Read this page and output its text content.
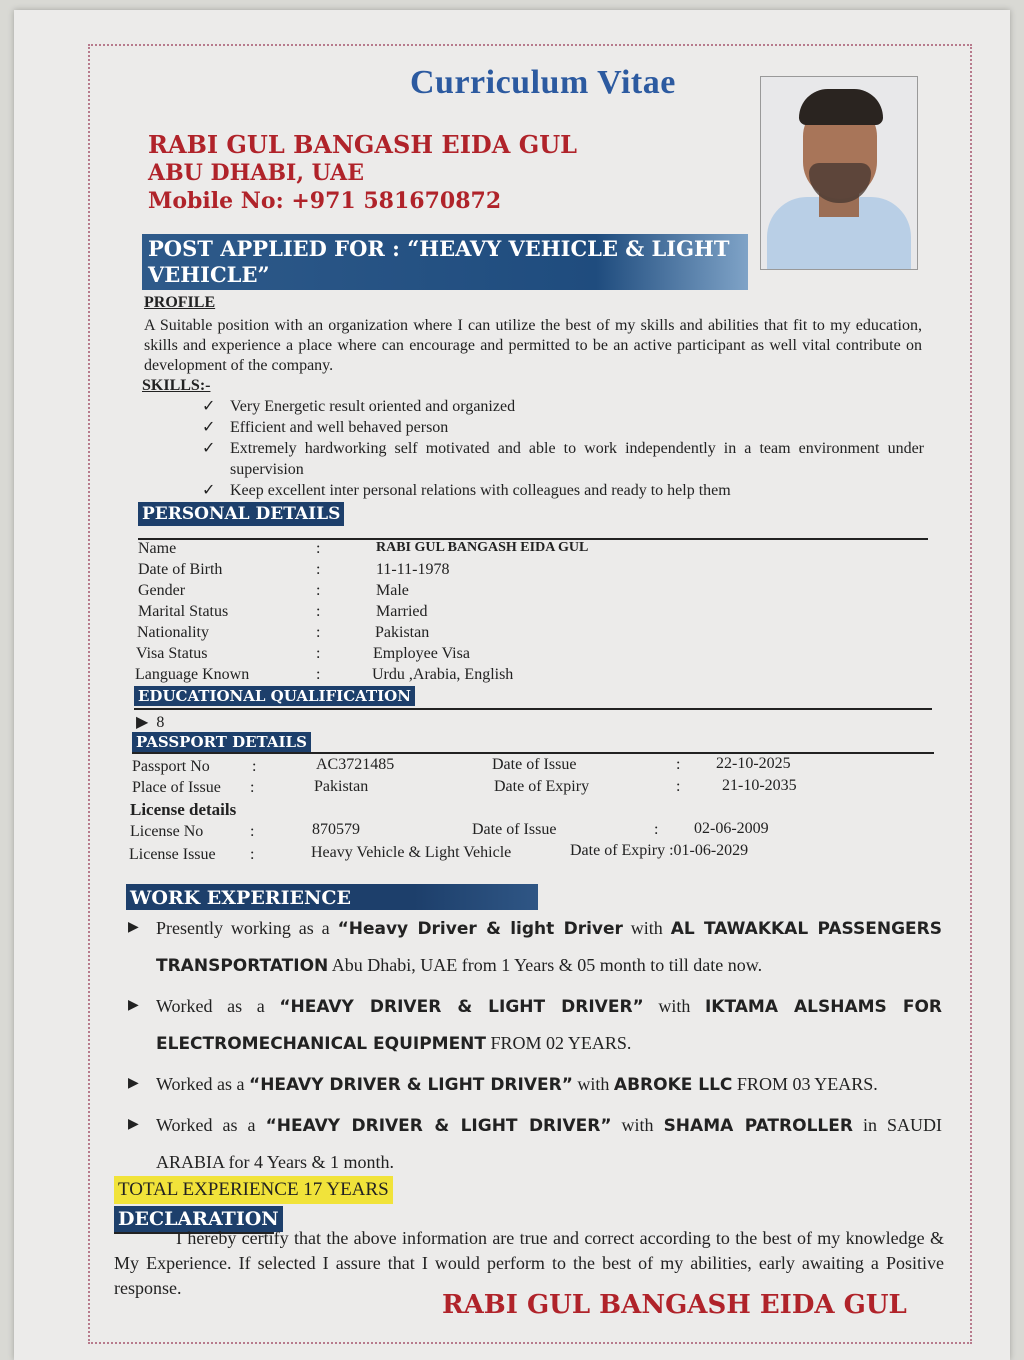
Curriculum Vitae
RABI GUL BANGASH EIDA GUL
ABU DHABI, UAE
Mobile No: +971 581670872
POST APPLIED FOR : “HEAVY VEHICLE & LIGHT VEHICLE”
PROFILE
A Suitable position with an organization where I can utilize the best of my skills and abilities that fit to my education, skills and experience a place where can encourage and permitted to be an active participant as well vital contribute on development of the company.
SKILLS:-
✓ Very Energetic result oriented and organized
✓ Efficient and well behaved person
✓ Extremely hardworking self motivated and able to work independently in a team environment under supervision
✓ Keep excellent inter personal relations with colleagues and ready to help them
PERSONAL DETAILS
Name	:	RABI GUL BANGASH EIDA GUL
Date of Birth	:	11-11-1978
Gender	:	Male
Marital Status	:	Married
Nationality	:	Pakistan
Visa Status	:	Employee Visa
Language Known	:	Urdu ,Arabia, English
EDUCATIONAL QUALIFICATION
▶ 8
PASSPORT DETAILS
Passport No	:	AC3721485	Date of Issue	: 22-10-2025
Place of Issue :	Pakistan	Date of Expiry	:	21-10-2035
License details
License No	:	870579	Date of Issue	: 02-06-2009
License Issue :	Heavy Vehicle & Light Vehicle	Date of Expiry :01-06-2029
WORK EXPERIENCE
▶ Presently working as a “Heavy Driver & light Driver with AL TAWAKKAL PASSENGERS TRANSPORTATION Abu Dhabi, UAE from 1 Years & 05 month to till date now.
▶ Worked as a “HEAVY DRIVER & LIGHT DRIVER” with IKTAMA ALSHAMS FOR ELECTROMECHANICAL EQUIPMENT FROM 02 YEARS.
▶ Worked as a “HEAVY DRIVER & LIGHT DRIVER” with ABROKE LLC FROM 03 YEARS.
▶ Worked as a “HEAVY DRIVER & LIGHT DRIVER” with SHAMA PATROLLER in SAUDI ARABIA for 4 Years & 1 month.
TOTAL EXPERIENCE 17 YEARS
DECLARATION
I hereby certify that the above information are true and correct according to the best of my knowledge & My Experience. If selected I assure that I would perform to the best of my abilities, early awaiting a Positive response.
RABI GUL BANGASH EIDA GUL
